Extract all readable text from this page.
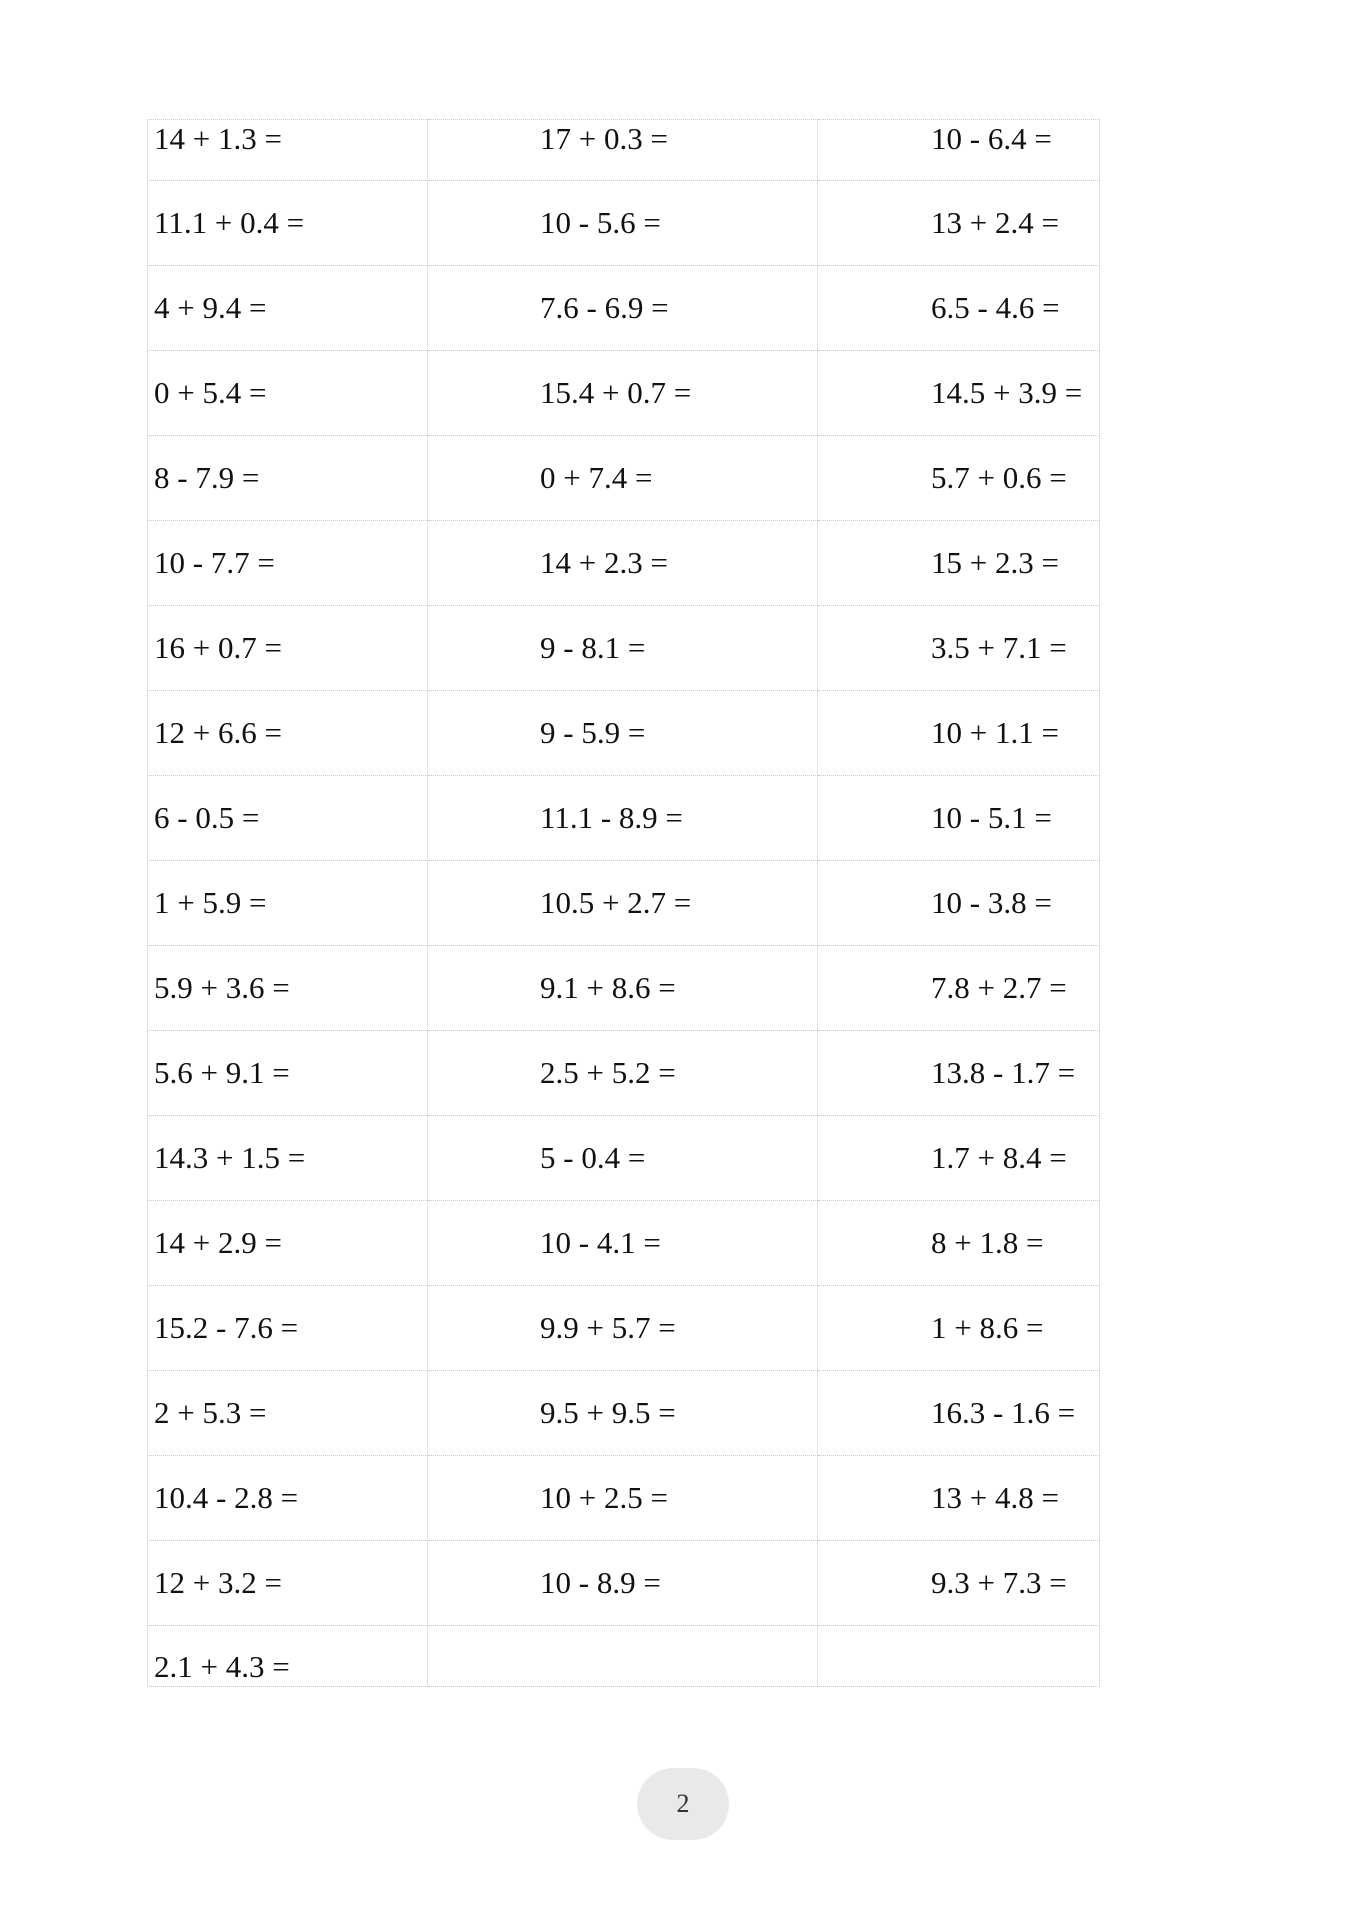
14 + 1.3 =	17 + 0.3 =	10 - 6.4 =
11.1 + 0.4 =	10 - 5.6 =	13 + 2.4 =
4 + 9.4 =	7.6 - 6.9 =	6.5 - 4.6 =
0 + 5.4 =	15.4 + 0.7 =	14.5 + 3.9 =
8 - 7.9 =	0 + 7.4 =	5.7 + 0.6 =
10 - 7.7 =	14 + 2.3 =	15 + 2.3 =
16 + 0.7 =	9 - 8.1 =	3.5 + 7.1 =
12 + 6.6 =	9 - 5.9 =	10 + 1.1 =
6 - 0.5 =	11.1 - 8.9 =	10 - 5.1 =
1 + 5.9 =	10.5 + 2.7 =	10 - 3.8 =
5.9 + 3.6 =	9.1 + 8.6 =	7.8 + 2.7 =
5.6 + 9.1 =	2.5 + 5.2 =	13.8 - 1.7 =
14.3 + 1.5 =	5 - 0.4 =	1.7 + 8.4 =
14 + 2.9 =	10 - 4.1 =	8 + 1.8 =
15.2 - 7.6 =	9.9 + 5.7 =	1 + 8.6 =
2 + 5.3 =	9.5 + 9.5 =	16.3 - 1.6 =
10.4 - 2.8 =	10 + 2.5 =	13 + 4.8 =
12 + 3.2 =	10 - 8.9 =	9.3 + 7.3 =
2.1 + 4.3 =		
2
